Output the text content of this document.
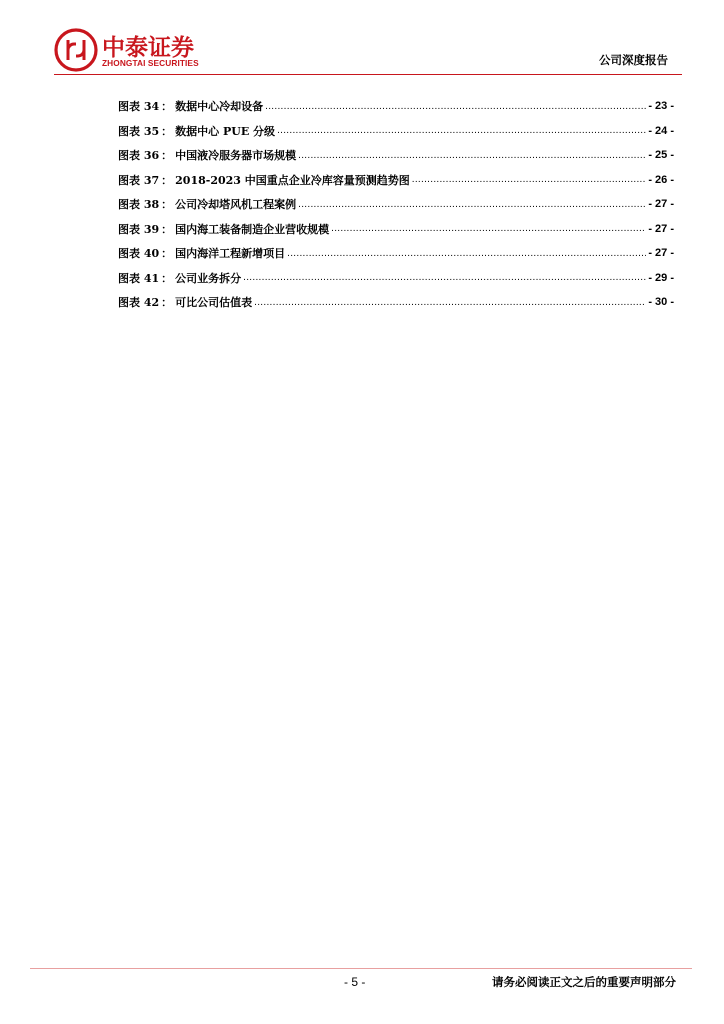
中泰证券
ZHONGTAI SECURITIES	公司深度报告
图表 34 ： 数据中心冷却设备 .....	- 23 -
图表 35 ： 数据中心 PUE 分级 .....	- 24 -
图表 36 ： 中国液冷服务器市场规模 .....	- 25 -
图表 37 ： 2018-2023 中国重点企业冷库容量预测趋势图 .....	- 26 -
图表 38 ： 公司冷却塔风机工程案例 .....	- 27 -
图表 39 ： 国内海工装备制造企业营收规模 .....	- 27 -
图表 40 ： 国内海洋工程新增项目 .....	- 27 -
图表 41 ： 公司业务拆分 .....	- 29 -
图表 42 ： 可比公司估值表 .....	- 30 -
- 5 -	请务必阅读正文之后的重要声明部分
